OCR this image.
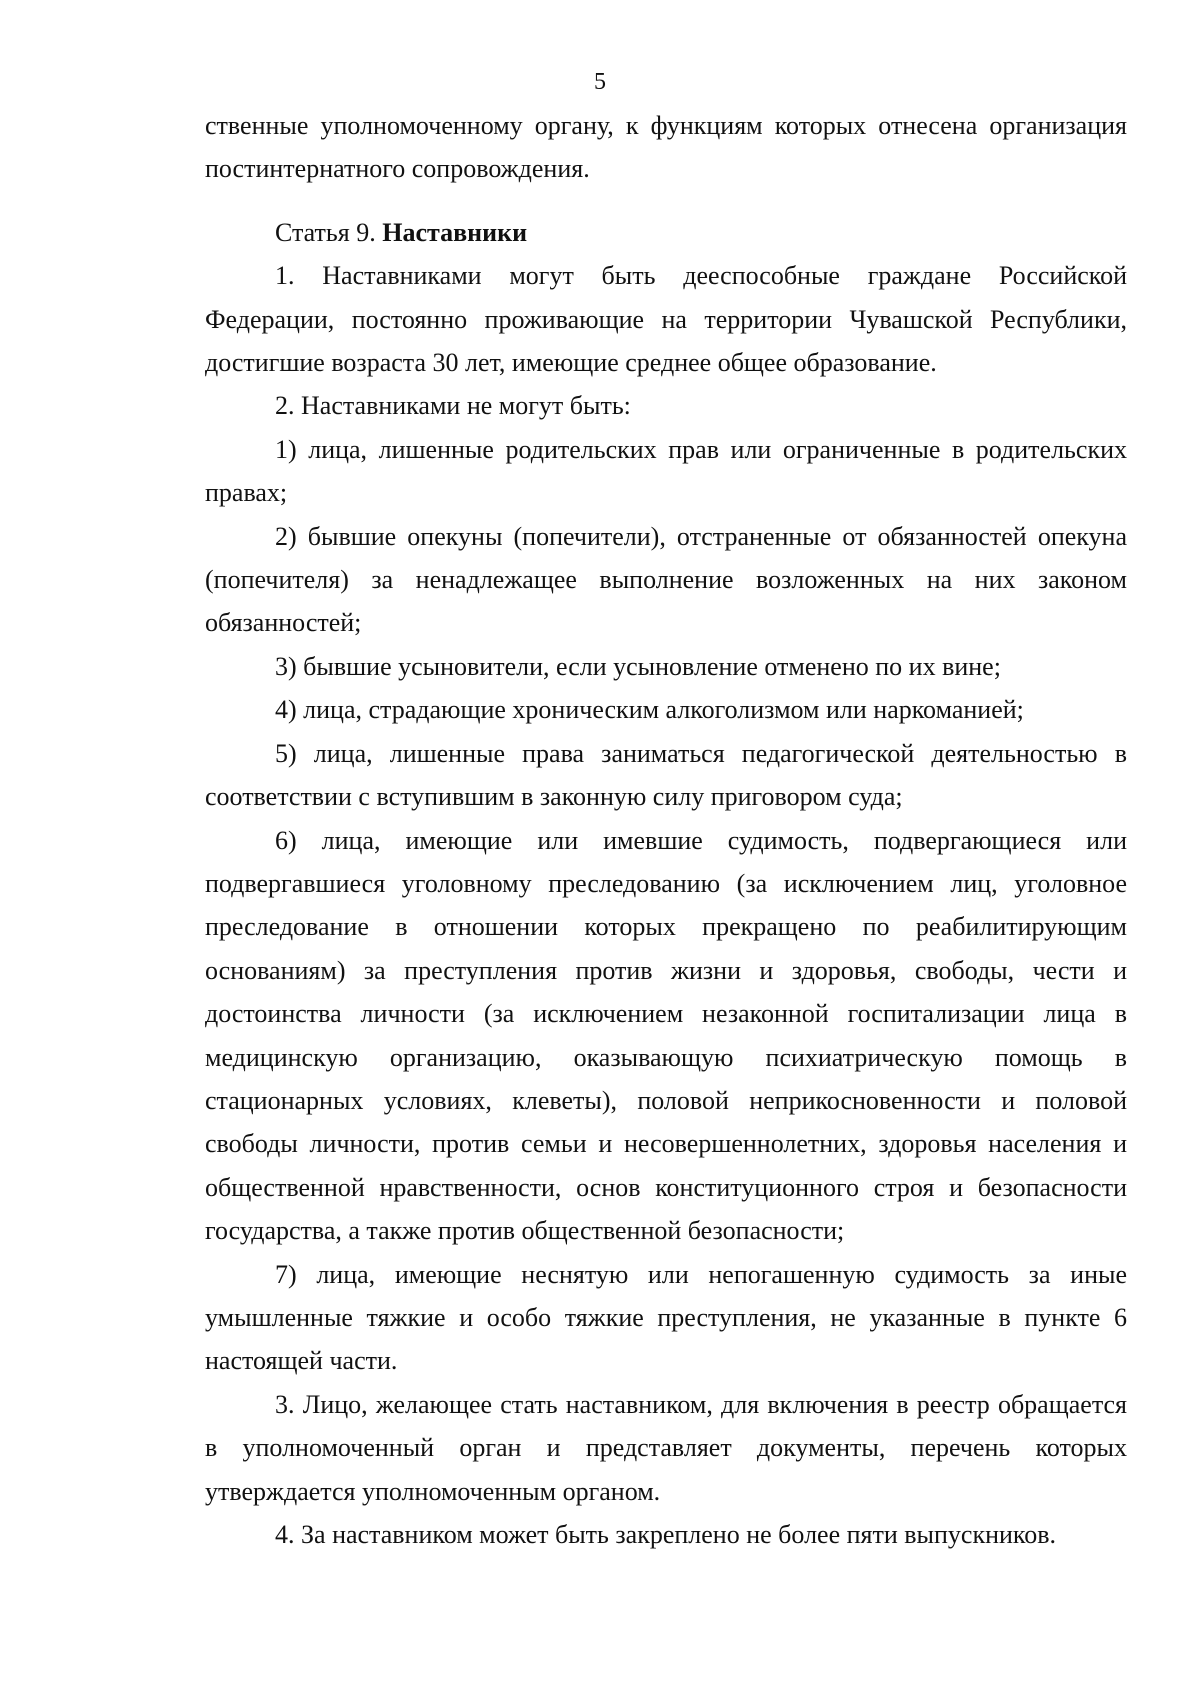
5

ственные уполномоченному органу, к функциям которых отнесена организация постинтернатного сопровождения.

Статья 9. Наставники

1. Наставниками могут быть дееспособные граждане Российской Федерации, постоянно проживающие на территории Чувашской Республики, достигшие возраста 30 лет, имеющие среднее общее образование.

2. Наставниками не могут быть:

1) лица, лишенные родительских прав или ограниченные в родительских правах;

2) бывшие опекуны (попечители), отстраненные от обязанностей опекуна (попечителя) за ненадлежащее выполнение возложенных на них законом обязанностей;

3) бывшие усыновители, если усыновление отменено по их вине;

4) лица, страдающие хроническим алкоголизмом или наркоманией;

5) лица, лишенные права заниматься педагогической деятельностью в соответствии с вступившим в законную силу приговором суда;

6) лица, имеющие или имевшие судимость, подвергающиеся или подвергавшиеся уголовному преследованию (за исключением лиц, уголовное преследование в отношении которых прекращено по реабилитирующим основаниям) за преступления против жизни и здоровья, свободы, чести и достоинства личности (за исключением незаконной госпитализации лица в медицинскую организацию, оказывающую психиатрическую помощь в стационарных условиях, клеветы), половой неприкосновенности и половой свободы личности, против семьи и несовершеннолетних, здоровья населения и общественной нравственности, основ конституционного строя и безопасности государства, а также против общественной безопасности;

7) лица, имеющие неснятую или непогашенную судимость за иные умышленные тяжкие и особо тяжкие преступления, не указанные в пункте 6 настоящей части.

3. Лицо, желающее стать наставником, для включения в реестр обращается в уполномоченный орган и представляет документы, перечень которых утверждается уполномоченным органом.

4. За наставником может быть закреплено не более пяти выпускников.
